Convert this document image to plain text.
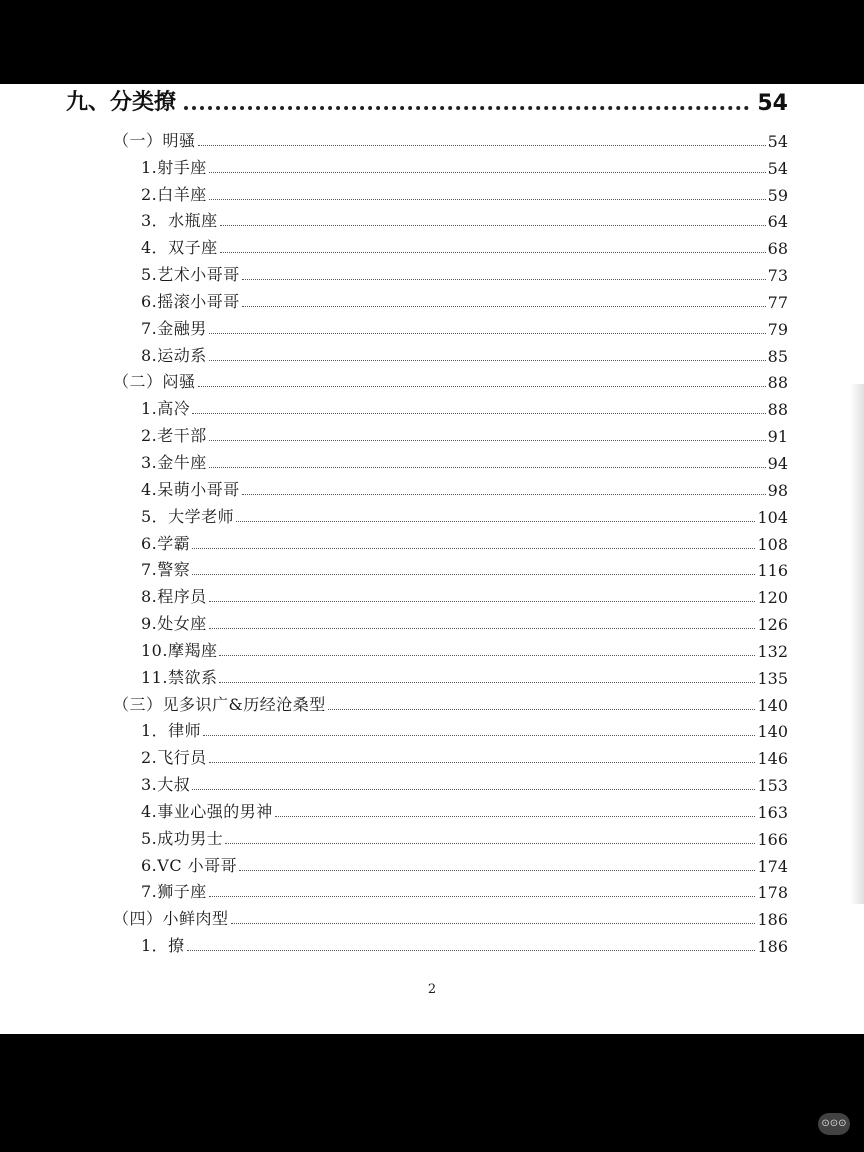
九、分类撩	54
（一）明骚	54
1.射手座	54
2.白羊座	59
3．水瓶座	64
4．双子座	68
5.艺术小哥哥	73
6.摇滚小哥哥	77
7.金融男	79
8.运动系	85
（二）闷骚	88
1.高冷	88
2.老干部	91
3.金牛座	94
4.呆萌小哥哥	98
5．大学老师	104
6.学霸	108
7.警察	116
8.程序员	120
9.处女座	126
10.摩羯座	132
11.禁欲系	135
（三）见多识广&历经沧桑型	140
1．律师	140
2.飞行员	146
3.大叔	153
4.事业心强的男神	163
5.成功男士	166
6.VC 小哥哥	174
7.狮子座	178
（四）小鲜肉型	186
1．撩	186
2
⊙⊙⊙
